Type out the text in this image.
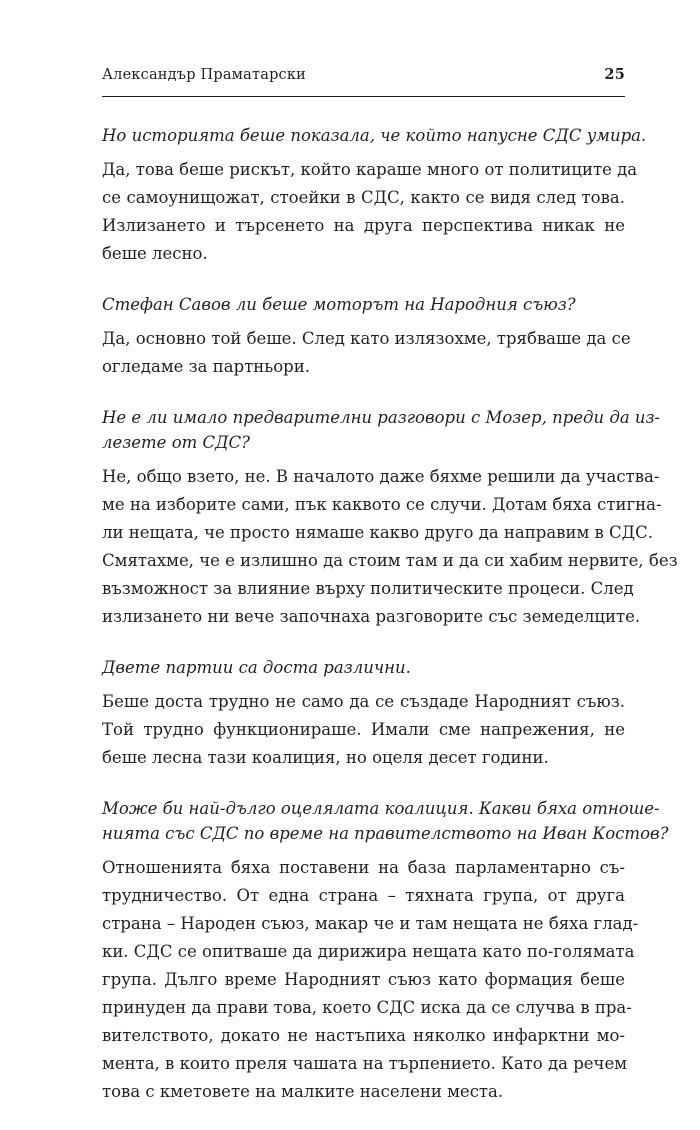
Александър Праматарски	25

Но историята беше показала, че който напусне СДС умира.

Да, това беше рискът, който караше много от политиците да
се самоунищожат, стоейки в СДС, както се видя след това.
Излизането и търсенето на друга перспектива никак не
беше лесно.

Стефан Савов ли беше моторът на Народния съюз?

Да, основно той беше. След като излязохме, трябваше да се
огледаме за партньори.

Не е ли имало предварителни разговори с Мозер, преди да из-
лезете от СДС?

Не, общо взето, не. В началото даже бяхме решили да участва-
ме на изборите сами, пък каквото се случи. Дотам бяха стигна-
ли нещата, че просто нямаше какво друго да направим в СДС.
Смятахме, че е излишно да стоим там и да си хабим нервите, без
възможност за влияние върху политическите процеси. След
излизането ни вече започнаха разговорите със земеделците.

Двете партии са доста различни.

Беше доста трудно не само да се създаде Народният съюз.
Той трудно функционираше. Имали сме напрежения, не
беше лесна тази коалиция, но оцеля десет години.

Може би най-дълго оцелялата коалиция. Какви бяха отноше-
нията със СДС по време на правителството на Иван Костов?

Отношенията бяха поставени на база парламентарно съ-
трудничество. От една страна – тяхната група, от друга
страна – Народен съюз, макар че и там нещата не бяха глад-
ки. СДС се опитваше да дирижира нещата като по-голямата
група. Дълго време Народният съюз като формация беше
принуден да прави това, което СДС иска да се случва в пра-
вителството, докато не настъпиха няколко инфарктни мо-
мента, в които преля чашата на търпението. Като да речем
това с кметовете на малките населени места.
